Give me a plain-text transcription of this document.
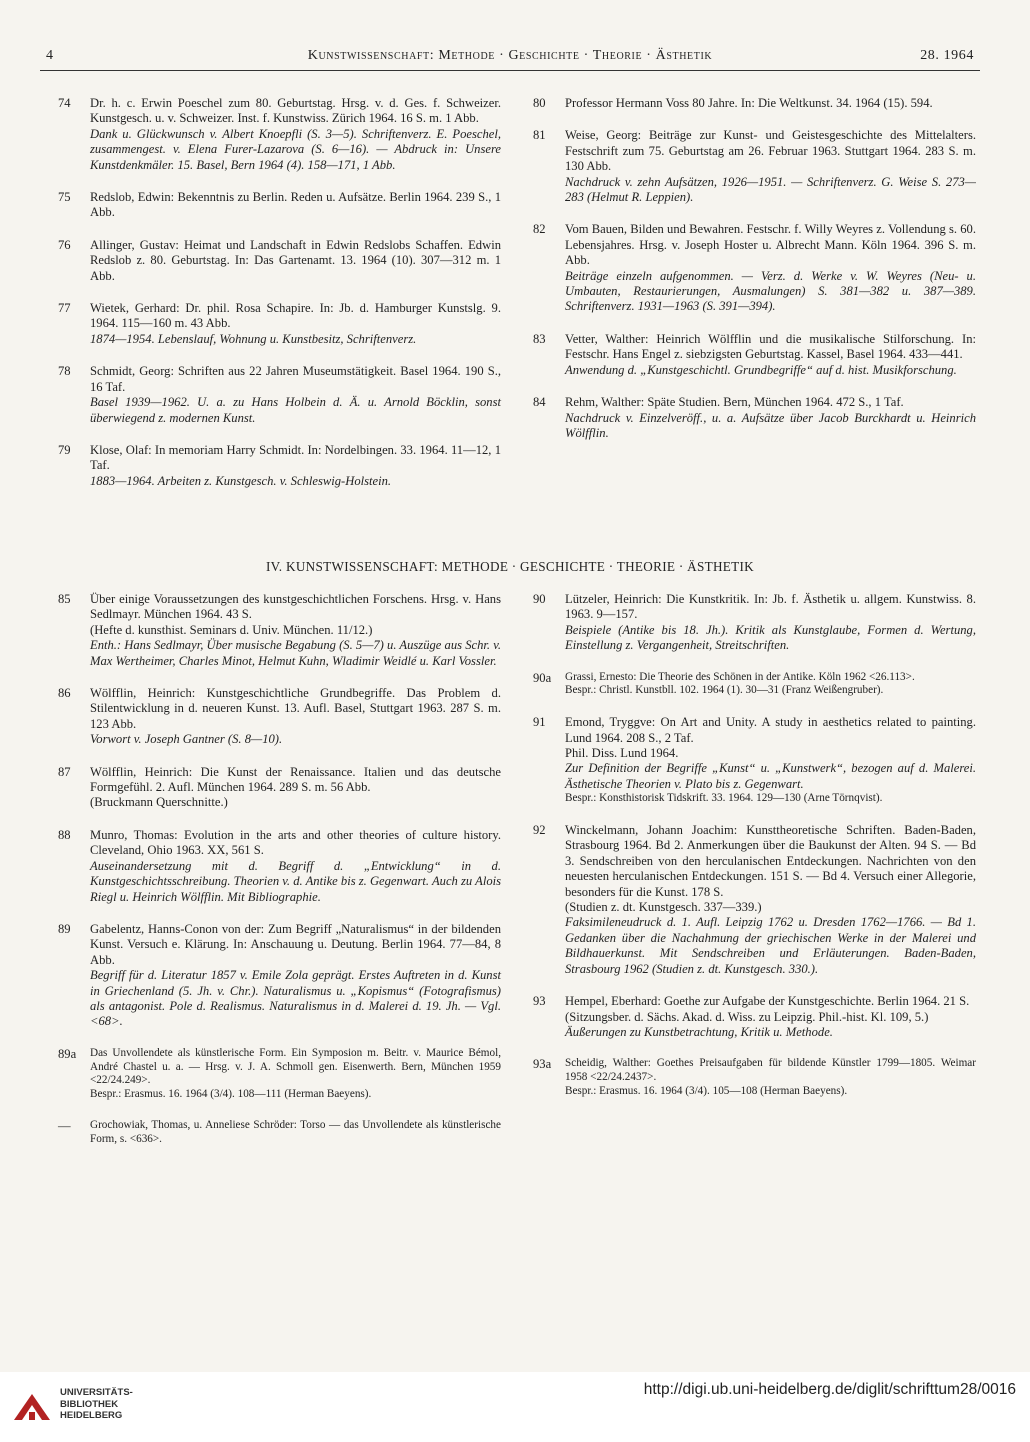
4	Kunstwissenschaft: Methode · Geschichte · Theorie · Ästhetik	28. 1964
74 Dr. h. c. Erwin Poeschel zum 80. Geburtstag. Hrsg. v. d. Ges. f. Schweizer. Kunstgesch. u. v. Schweizer. Inst. f. Kunstwiss. Zürich 1964. 16 S. m. 1 Abb.
Dank u. Glückwunsch v. Albert Knoepfli (S. 3—5). Schriftenverz. E. Poeschel, zusammengest. v. Elena Furer-Lazarova (S. 6—16). — Abdruck in: Unsere Kunstdenkmäler. 15. Basel, Bern 1964 (4). 158—171, 1 Abb.
75 Redslob, Edwin: Bekenntnis zu Berlin. Reden u. Aufsätze. Berlin 1964. 239 S., 1 Abb.
76 Allinger, Gustav: Heimat und Landschaft in Edwin Redslobs Schaffen. Edwin Redslob z. 80. Geburtstag. In: Das Gartenamt. 13. 1964 (10). 307—312 m. 1 Abb.
77 Wietek, Gerhard: Dr. phil. Rosa Schapire. In: Jb. d. Hamburger Kunstslg. 9. 1964. 115—160 m. 43 Abb.
1874—1954. Lebenslauf, Wohnung u. Kunstbesitz, Schriftenverz.
78 Schmidt, Georg: Schriften aus 22 Jahren Museumstätigkeit. Basel 1964. 190 S., 16 Taf.
Basel 1939—1962. U. a. zu Hans Holbein d. Ä. u. Arnold Böcklin, sonst überwiegend z. modernen Kunst.
79 Klose, Olaf: In memoriam Harry Schmidt. In: Nordelbingen. 33. 1964. 11—12, 1 Taf.
1883—1964. Arbeiten z. Kunstgesch. v. Schleswig-Holstein.
80 Professor Hermann Voss 80 Jahre. In: Die Weltkunst. 34. 1964 (15). 594.
81 Weise, Georg: Beiträge zur Kunst- und Geistesgeschichte des Mittelalters. Festschrift zum 75. Geburtstag am 26. Februar 1963. Stuttgart 1964. 283 S. m. 130 Abb.
Nachdruck v. zehn Aufsätzen, 1926—1951. — Schriftenverz. G. Weise S. 273—283 (Helmut R. Leppien).
82 Vom Bauen, Bilden und Bewahren. Festschr. f. Willy Weyres z. Vollendung s. 60. Lebensjahres. Hrsg. v. Joseph Hoster u. Albrecht Mann. Köln 1964. 396 S. m. Abb.
Beiträge einzeln aufgenommen. — Verz. d. Werke v. W. Weyres (Neu- u. Umbauten, Restaurierungen, Ausmalungen) S. 381—382 u. 387—389. Schriftenverz. 1931—1963 (S. 391—394).
83 Vetter, Walther: Heinrich Wölfflin und die musikalische Stilforschung. In: Festschr. Hans Engel z. siebzigsten Geburtstag. Kassel, Basel 1964. 433—441.
Anwendung d. „Kunstgeschichtl. Grundbegriffe“ auf d. hist. Musikforschung.
84 Rehm, Walther: Späte Studien. Bern, München 1964. 472 S., 1 Taf.
Nachdruck v. Einzelveröff., u. a. Aufsätze über Jacob Burckhardt u. Heinrich Wölfflin.
IV. KUNSTWISSENSCHAFT: METHODE · GESCHICHTE · THEORIE · ÄSTHETIK
85 Über einige Voraussetzungen des kunstgeschichtlichen Forschens. Hrsg. v. Hans Sedlmayr. München 1964. 43 S.
(Hefte d. kunsthist. Seminars d. Univ. München. 11/12.)
Enth.: Hans Sedlmayr, Über musische Begabung (S. 5—7) u. Auszüge aus Schr. v. Max Wertheimer, Charles Minot, Helmut Kuhn, Wladimir Weidlé u. Karl Vossler.
86 Wölfflin, Heinrich: Kunstgeschichtliche Grundbegriffe. Das Problem d. Stilentwicklung in d. neueren Kunst. 13. Aufl. Basel, Stuttgart 1963. 287 S. m. 123 Abb.
Vorwort v. Joseph Gantner (S. 8—10).
87 Wölfflin, Heinrich: Die Kunst der Renaissance. Italien und das deutsche Formgefühl. 2. Aufl. München 1964. 289 S. m. 56 Abb.
(Bruckmann Querschnitte.)
88 Munro, Thomas: Evolution in the arts and other theories of culture history. Cleveland, Ohio 1963. XX, 561 S.
Auseinandersetzung mit d. Begriff d. „Entwicklung“ in d. Kunstgeschichtsschreibung. Theorien v. d. Antike bis z. Gegenwart. Auch zu Alois Riegl u. Heinrich Wölfflin. Mit Bibliographie.
89 Gabelentz, Hanns-Conon von der: Zum Begriff „Naturalismus“ in der bildenden Kunst. Versuch e. Klärung. In: Anschauung u. Deutung. Berlin 1964. 77—84, 8 Abb.
Begriff für d. Literatur 1857 v. Emile Zola geprägt. Erstes Auftreten in d. Kunst in Griechenland (5. Jh. v. Chr.). Naturalismus u. „Kopismus“ (Fotografismus) als antagonist. Pole d. Realismus. Naturalismus in d. Malerei d. 19. Jh. — Vgl. <68>.
89a Das Unvollendete als künstlerische Form. Ein Symposion m. Beitr. v. Maurice Bémol, André Chastel u. a. — Hrsg. v. J. A. Schmoll gen. Eisenwerth. Bern, München 1959 <22/24.249>.
Bespr.: Erasmus. 16. 1964 (3/4). 108—111 (Herman Baeyens).
— Grochowiak, Thomas, u. Anneliese Schröder: Torso — das Unvollendete als künstlerische Form, s. <636>.
90 Lützeler, Heinrich: Die Kunstkritik. In: Jb. f. Ästhetik u. allgem. Kunstwiss. 8. 1963. 9—157.
Beispiele (Antike bis 18. Jh.). Kritik als Kunstglaube, Formen d. Wertung, Einstellung z. Vergangenheit, Streitschriften.
90a Grassi, Ernesto: Die Theorie des Schönen in der Antike. Köln 1962 <26.113>.
Bespr.: Christl. Kunstbll. 102. 1964 (1). 30—31 (Franz Weißengruber).
91 Emond, Tryggve: On Art and Unity. A study in aesthetics related to painting. Lund 1964. 208 S., 2 Taf.
Phil. Diss. Lund 1964.
Zur Definition der Begriffe „Kunst“ u. „Kunstwerk“, bezogen auf d. Malerei. Ästhetische Theorien v. Plato bis z. Gegenwart.
Bespr.: Konsthistorisk Tidskrift. 33. 1964. 129—130 (Arne Törnqvist).
92 Winckelmann, Johann Joachim: Kunsttheoretische Schriften. Baden-Baden, Strasbourg 1964. Bd 2. Anmerkungen über die Baukunst der Alten. 94 S. — Bd 3. Sendschreiben von den herculanischen Entdeckungen. Nachrichten von den neuesten herculanischen Entdeckungen. 151 S. — Bd 4. Versuch einer Allegorie, besonders für die Kunst. 178 S.
(Studien z. dt. Kunstgesch. 337—339.)
Faksimileneudruck d. 1. Aufl. Leipzig 1762 u. Dresden 1762—1766. — Bd 1. Gedanken über die Nachahmung der griechischen Werke in der Malerei und Bildhauerkunst. Mit Sendschreiben und Erläuterungen. Baden-Baden, Strasbourg 1962 (Studien z. dt. Kunstgesch. 330.).
93 Hempel, Eberhard: Goethe zur Aufgabe der Kunstgeschichte. Berlin 1964. 21 S.
(Sitzungsber. d. Sächs. Akad. d. Wiss. zu Leipzig. Phil.-hist. Kl. 109, 5.)
Äußerungen zu Kunstbetrachtung, Kritik u. Methode.
93a Scheidig, Walther: Goethes Preisaufgaben für bildende Künstler 1799—1805. Weimar 1958 <22/24.2437>.
Bespr.: Erasmus. 16. 1964 (3/4). 105—108 (Herman Baeyens).
UNIVERSITÄTS-
BIBLIOTHEK
HEIDELBERG
http://digi.ub.uni-heidelberg.de/diglit/schrifttum28/0016
